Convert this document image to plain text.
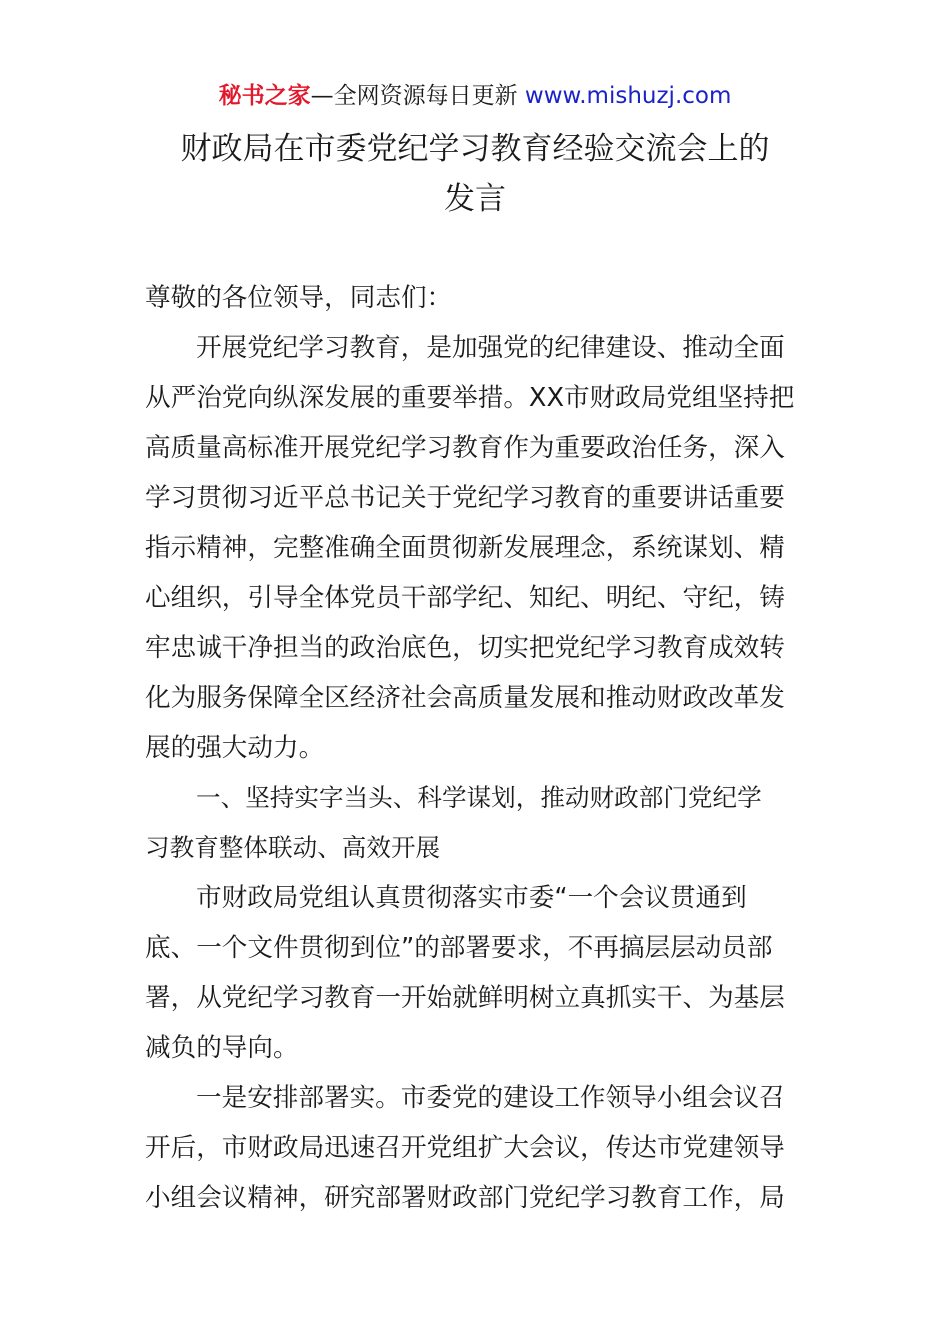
秘书之家—全网资源每日更新 www.mishuzj.com
财政局在市委党纪学习教育经验交流会上的
发言
尊敬的各位领导，同志们：
开展党纪学习教育，是加强党的纪律建设、推动全面
从严治党向纵深发展的重要举措。XX市财政局党组坚持把
高质量高标准开展党纪学习教育作为重要政治任务，深入
学习贯彻习近平总书记关于党纪学习教育的重要讲话重要
指示精神，完整准确全面贯彻新发展理念，系统谋划、精
心组织，引导全体党员干部学纪、知纪、明纪、守纪，铸
牢忠诚干净担当的政治底色，切实把党纪学习教育成效转
化为服务保障全区经济社会高质量发展和推动财政改革发
展的强大动力。
一、坚持实字当头、科学谋划，推动财政部门党纪学
习教育整体联动、高效开展
市财政局党组认真贯彻落实市委“一个会议贯通到
底、一个文件贯彻到位”的部署要求，不再搞层层动员部
署，从党纪学习教育一开始就鲜明树立真抓实干、为基层
减负的导向。
一是安排部署实。市委党的建设工作领导小组会议召
开后，市财政局迅速召开党组扩大会议，传达市党建领导
小组会议精神，研究部署财政部门党纪学习教育工作，局
